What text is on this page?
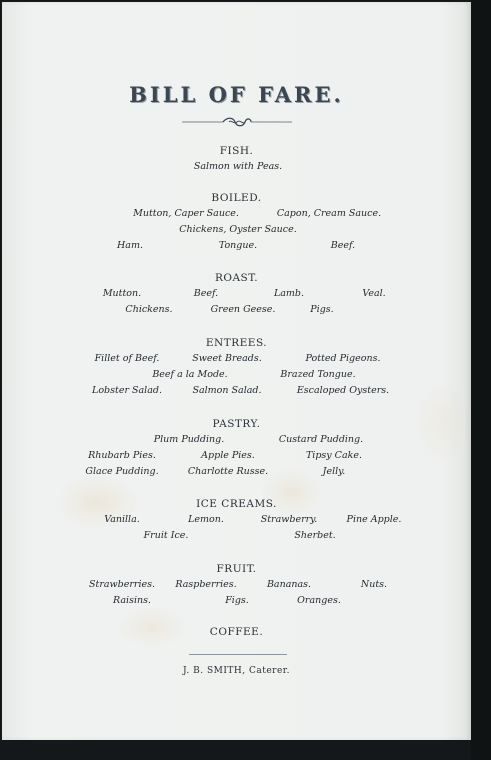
BILL OF FARE.
FISH.
Salmon with Peas.
BOILED.
Mutton, Caper Sauce.	Capon, Cream Sauce.
Chickens, Oyster Sauce.
Ham.	Tongue.	Beef.
ROAST.
Mutton.	Beef.	Lamb.	Veal.
Chickens.	Green Geese.	Pigs.
ENTREES.
Fillet of Beef.	Sweet Breads.	Potted Pigeons.
Beef a la Mode.	Brazed Tongue.
Lobster Salad.	Salmon Salad.	Escaloped Oysters.
PASTRY.
Plum Pudding.	Custard Pudding.
Rhubarb Pies.	Apple Pies.	Tipsy Cake.
Glace Pudding.	Charlotte Russe.	Jelly.
ICE CREAMS.
Vanilla.	Lemon.	Strawberry.	Pine Apple.
Fruit Ice.	Sherbet.
FRUIT.
Strawberries. Raspberries.	Bananas.	Nuts.
Raisins.	Figs.	Oranges.
COFFEE.
J. B. SMITH, Caterer.
